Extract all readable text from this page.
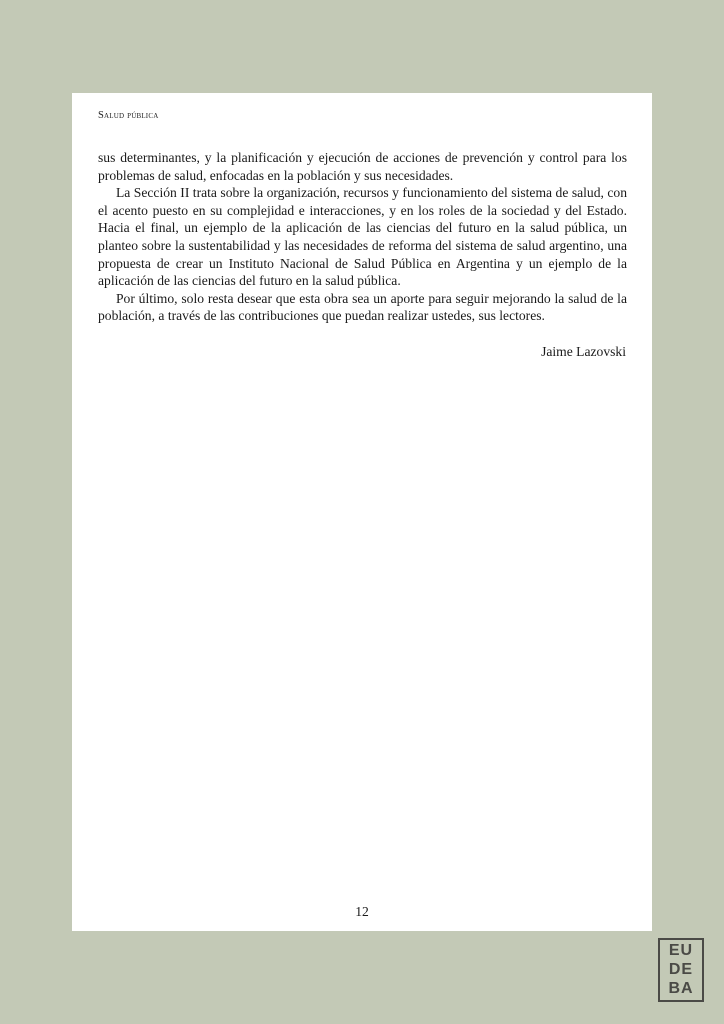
Salud pública

sus determinantes, y la planificación y ejecución de acciones de prevención y control para los problemas de salud, enfocadas en la población y sus necesidades.

La Sección II trata sobre la organización, recursos y funcionamiento del sistema de salud, con el acento puesto en su complejidad e interacciones, y en los roles de la sociedad y del Estado. Hacia el final, un ejemplo de la aplicación de las ciencias del futuro en la salud pública, un planteo sobre la sustentabilidad y las necesidades de reforma del sistema de salud argentino, una propuesta de crear un Instituto Nacional de Salud Pública en Argentina y un ejemplo de la aplicación de las ciencias del futuro en la salud pública.

Por último, solo resta desear que esta obra sea un aporte para seguir mejorando la salud de la población, a través de las contribuciones que puedan realizar ustedes, sus lectores.

Jaime Lazovski
12
EU
DE
BA
